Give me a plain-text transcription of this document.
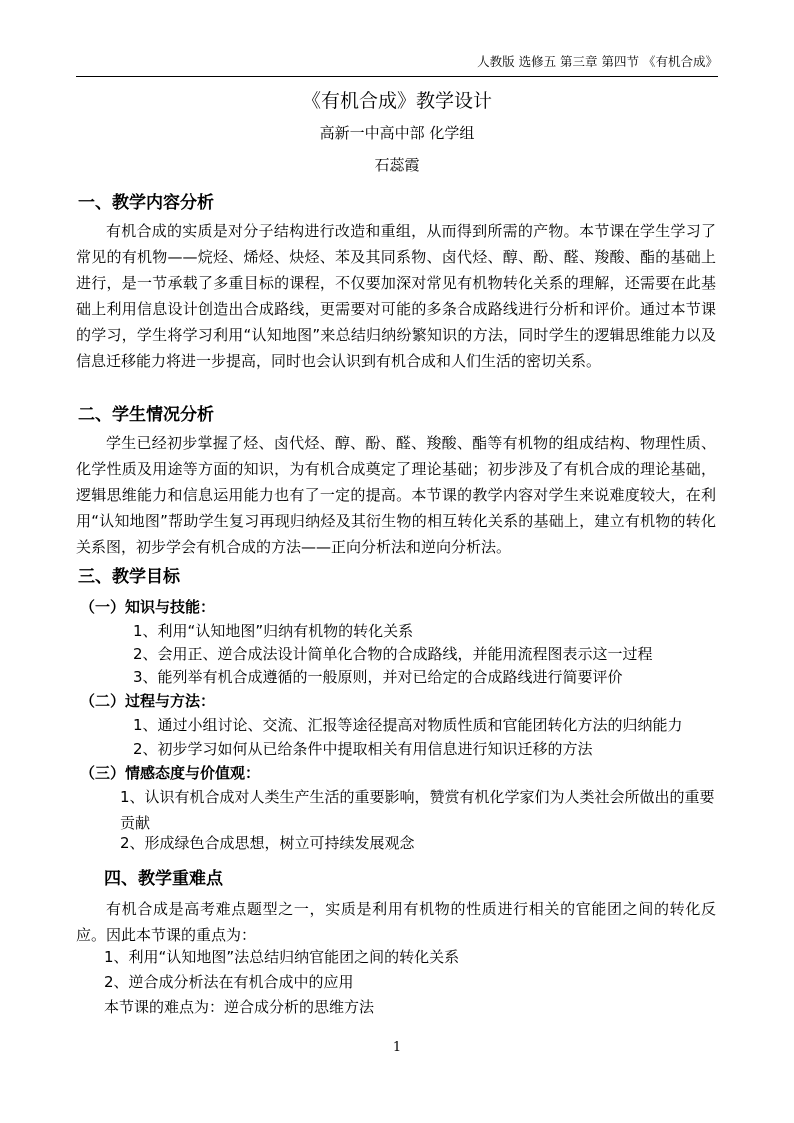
人教版 选修五 第三章 第四节 《有机合成》
《有机合成》教学设计
高新一中高中部 化学组
石蕊霞
一、教学内容分析
有机合成的实质是对分子结构进行改造和重组，从而得到所需的产物。本节课在学生学习了常见的有机物——烷烃、烯烃、炔烃、苯及其同系物、卤代烃、醇、酚、醛、羧酸、酯的基础上进行，是一节承载了多重目标的课程，不仅要加深对常见有机物转化关系的理解，还需要在此基础上利用信息设计创造出合成路线，更需要对可能的多条合成路线进行分析和评价。通过本节课的学习，学生将学习利用“认知地图”来总结归纳纷繁知识的方法，同时学生的逻辑思维能力以及信息迁移能力将进一步提高，同时也会认识到有机合成和人们生活的密切关系。
二、学生情况分析
学生已经初步掌握了烃、卤代烃、醇、酚、醛、羧酸、酯等有机物的组成结构、物理性质、化学性质及用途等方面的知识，为有机合成奠定了理论基础；初步涉及了有机合成的理论基础，逻辑思维能力和信息运用能力也有了一定的提高。本节课的教学内容对学生来说难度较大，在利用“认知地图”帮助学生复习再现归纳烃及其衍生物的相互转化关系的基础上，建立有机物的转化关系图，初步学会有机合成的方法——正向分析法和逆向分析法。
三、教学目标
（一）知识与技能：
1、利用“认知地图”归纳有机物的转化关系
2、会用正、逆合成法设计简单化合物的合成路线，并能用流程图表示这一过程
3、能列举有机合成遵循的一般原则，并对已给定的合成路线进行简要评价
（二）过程与方法：
1、通过小组讨论、交流、汇报等途径提高对物质性质和官能团转化方法的归纳能力
2、初步学习如何从已给条件中提取相关有用信息进行知识迁移的方法
（三）情感态度与价值观：
1、认识有机合成对人类生产生活的重要影响，赞赏有机化学家们为人类社会所做出的重要贡献
2、形成绿色合成思想，树立可持续发展观念
四、教学重难点
有机合成是高考难点题型之一，实质是利用有机物的性质进行相关的官能团之间的转化反应。因此本节课的重点为：
1、利用“认知地图”法总结归纳官能团之间的转化关系
2、逆合成分析法在有机合成中的应用
本节课的难点为：逆合成分析的思维方法
1
